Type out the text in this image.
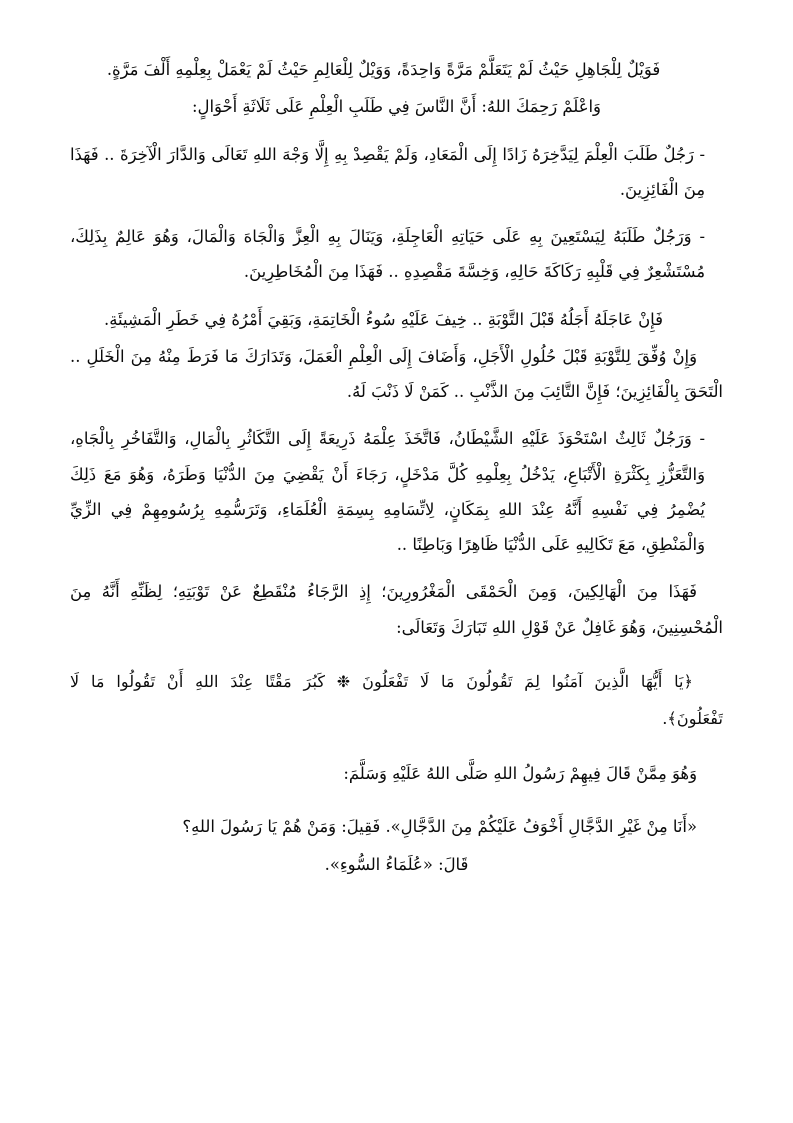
فَوَيْلٌ لِلْجَاهِلِ حَيْثُ لَمْ يَتَعَلَّمْ مَرَّةً وَاحِدَةً، وَوَيْلٌ لِلْعَالِمِ حَيْثُ لَمْ يَعْمَلْ بِعِلْمِهِ أَلْفَ مَرَّةٍ.

وَاعْلَمْ رَحِمَكَ اللهُ: أَنَّ النَّاسَ فِي طَلَبِ الْعِلْمِ عَلَى ثَلَاثَةِ أَحْوَالٍ:

- رَجُلٌ طَلَبَ الْعِلْمَ لِيَدَّخِرَهُ زَادًا إِلَى الْمَعَادِ، وَلَمْ يَقْصِدْ بِهِ إِلَّا وَجْهَ اللهِ تَعَالَى وَالدَّارَ الْآخِرَةَ .. فَهَذَا مِنَ الْفَائِزِينَ.

- وَرَجُلٌ طَلَبَهُ لِيَسْتَعِينَ بِهِ عَلَى حَيَاتِهِ الْعَاجِلَةِ، وَيَنَالَ بِهِ الْعِزَّ وَالْجَاهَ وَالْمَالَ، وَهُوَ عَالِمٌ بِذَلِكَ، مُسْتَشْعِرٌ فِي قَلْبِهِ رَكَاكَةَ حَالِهِ، وَخِسَّةَ مَقْصِدِهِ .. فَهَذَا مِنَ الْمُخَاطِرِينَ.

فَإِنْ عَاجَلَهُ أَجَلُهُ قَبْلَ التَّوْبَةِ .. خِيفَ عَلَيْهِ سُوءُ الْخَاتِمَةِ، وَبَقِيَ أَمْرُهُ فِي خَطَرِ الْمَشِيئَةِ.

وَإِنْ وُفِّقَ لِلتَّوْبَةِ قَبْلَ حُلُولِ الْأَجَلِ، وَأَضَافَ إِلَى الْعِلْمِ الْعَمَلَ، وَتَدَارَكَ مَا فَرَطَ مِنْهُ مِنَ الْخَلَلِ .. الْتَحَقَ بِالْفَائِزِينَ؛ فَإِنَّ التَّائِبَ مِنَ الذَّنْبِ .. كَمَنْ لَا ذَنْبَ لَهُ.

- وَرَجُلٌ ثَالِثٌ اسْتَحْوَذَ عَلَيْهِ الشَّيْطَانُ، فَاتَّخَذَ عِلْمَهُ ذَرِيعَةً إِلَى التَّكَاثُرِ بِالْمَالِ، وَالتَّفَاخُرِ بِالْجَاهِ، وَالتَّعَزُّزِ بِكَثْرَةِ الْأَتْبَاعِ، يَدْخُلُ بِعِلْمِهِ كُلَّ مَدْخَلٍ، رَجَاءَ أَنْ يَقْضِيَ مِنَ الدُّنْيَا وَطَرَهُ، وَهُوَ مَعَ ذَلِكَ يُضْمِرُ فِي نَفْسِهِ أَنَّهُ عِنْدَ اللهِ بِمَكَانٍ، لِاتِّسَامِهِ بِسِمَةِ الْعُلَمَاءِ، وَتَرَسُّمِهِ بِرُسُومِهِمْ فِي الزِّيِّ وَالْمَنْطِقِ، مَعَ تَكَالِيهِ عَلَى الدُّنْيَا ظَاهِرًا وَبَاطِنًا ..

فَهَذَا مِنَ الْهَالِكِينَ، وَمِنَ الْحَمْقَى الْمَغْرُورِينَ؛ إِذِ الرَّجَاءُ مُنْقَطِعٌ عَنْ تَوْبَتِهِ؛ لِظَنِّهِ أَنَّهُ مِنَ الْمُحْسِنِينَ، وَهُوَ غَافِلٌ عَنْ قَوْلِ اللهِ تَبَارَكَ وَتَعَالَى:

﴿يَا أَيُّهَا الَّذِينَ آمَنُوا لِمَ تَقُولُونَ مَا لَا تَفْعَلُونَ ❉ كَبُرَ مَقْتًا عِنْدَ اللهِ أَنْ تَقُولُوا مَا لَا تَفْعَلُونَ﴾.

وَهُوَ مِمَّنْ قَالَ فِيهِمْ رَسُولُ اللهِ صَلَّى اللهُ عَلَيْهِ وَسَلَّمَ:

«أَنَا مِنْ غَيْرِ الدَّجَّالِ أَخْوَفُ عَلَيْكُمْ مِنَ الدَّجَّالِ». فَقِيلَ: وَمَنْ هُمْ يَا رَسُولَ اللهِ؟

قَالَ: «عُلَمَاءُ السُّوءِ».
